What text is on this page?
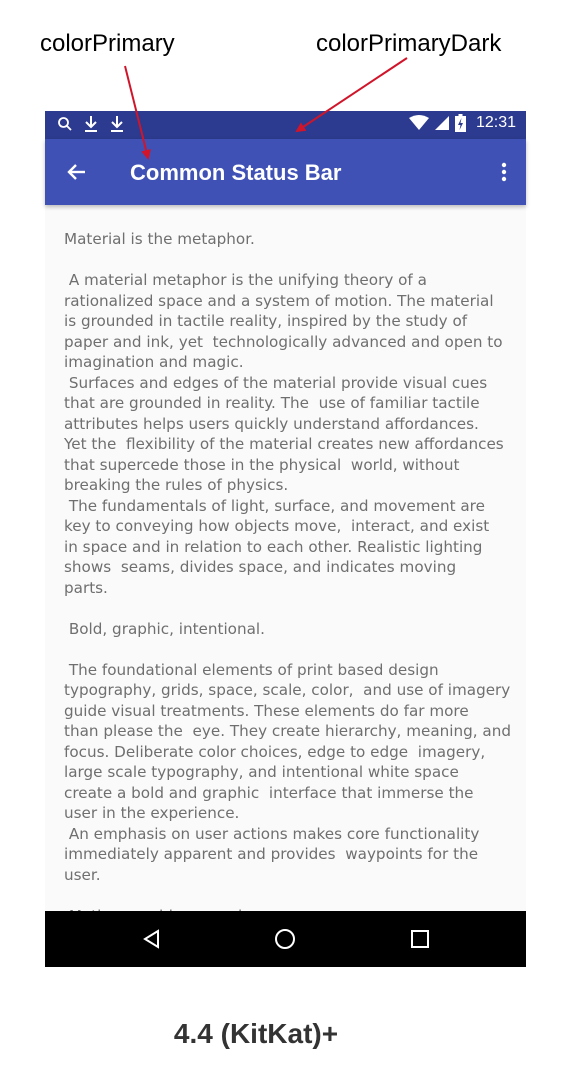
colorPrimary	colorPrimaryDark
12:31
Common Status Bar

Material is the metaphor.

A material metaphor is the unifying theory of a
rationalized space and a system of motion. The material
is grounded in tactile reality, inspired by the study of
paper and ink, yet  technologically advanced and open to
imagination and magic.
Surfaces and edges of the material provide visual cues
that are grounded in reality. The  use of familiar tactile
attributes helps users quickly understand affordances.
Yet the  flexibility of the material creates new affordances
that supercede those in the physical  world, without
breaking the rules of physics.
The fundamentals of light, surface, and movement are
key to conveying how objects move,  interact, and exist
in space and in relation to each other. Realistic lighting
shows  seams, divides space, and indicates moving
parts.

Bold, graphic, intentional.

The foundational elements of print based design
typography, grids, space, scale, color,  and use of imagery
guide visual treatments. These elements do far more
than please the  eye. They create hierarchy, meaning, and
focus. Deliberate color choices, edge to edge  imagery,
large scale typography, and intentional white space
create a bold and graphic  interface that immerse the
user in the experience.
An emphasis on user actions makes core functionality
immediately apparent and provides  waypoints for the
user.

4.4 (KitKat)+
